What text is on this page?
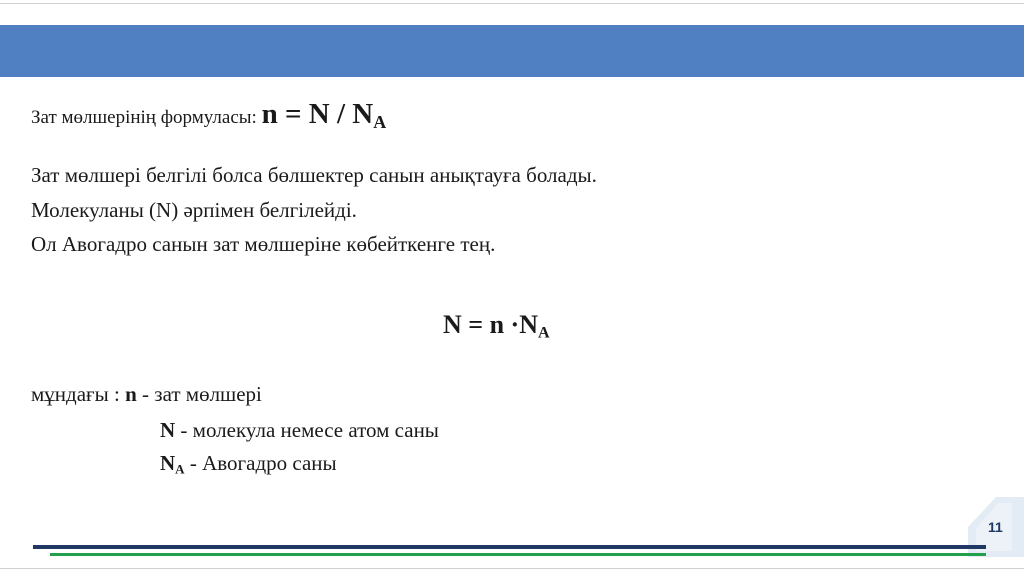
Зат мөлшерінің формуласы: $n = N / N_A$
Зат мөлшері белгілі болса бөлшектер санын анықтауға болады.
Молекуланы (N) әрпімен белгілейді.
Ол Авогадро санын зат мөлшеріне көбейткенге тең.
$N = n \cdot N_A$
мұндағы : n - зат мөлшері
N - молекула немесе атом саны
$N_A$ - Авогадро саны
11
